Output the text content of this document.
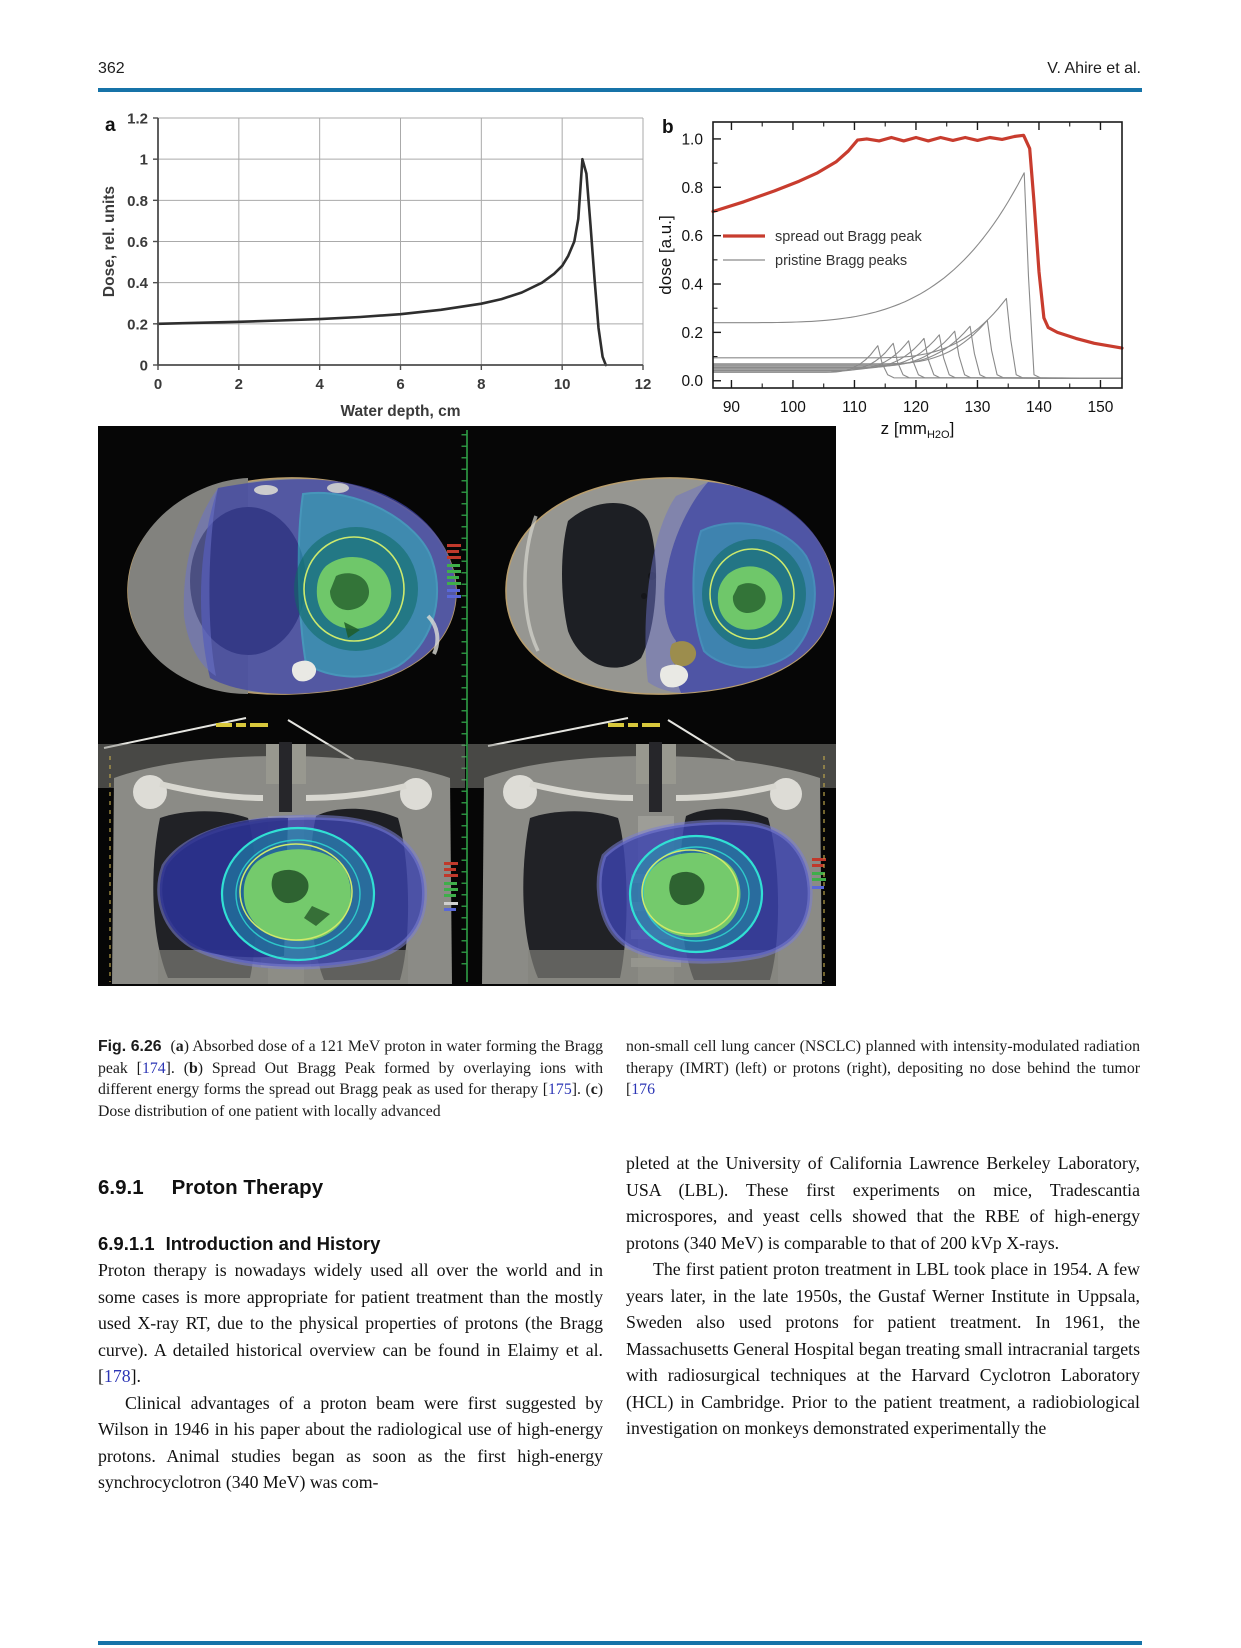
362	V. Ahire et al.
a	b
0	2	4	6	8	10	12
0
0.2
0.4
0.6
0.8
1
1.2
Dose, rel. units
Water depth, cm	90	100 110 120 130 140 150
0.0
0.2
0.4
0.6
0.8
1.0
dose [a.u.]
z $[mm_{H2O}]$
spread out Bragg peak
pristine Bragg peaks
Fig. 6.26 (a) Absorbed dose of a 121 MeV proton in water forming the Bragg peak [174]. (b) Spread Out Bragg Peak formed by overlaying ions with different energy forms the spread out Bragg peak as used for therapy [175]. (c) Dose distribution of one patient with locally advanced
non-small cell lung cancer (NSCLC) planned with intensity-modulated radiation therapy (IMRT) (left) or protons (right), depositing no dose behind the tumor [176
6.9.1 Proton Therapy
6.9.1.1 Introduction and History

Proton therapy is nowadays widely used all over the world and in some cases is more appropriate for patient treatment than the mostly used X-ray RT, due to the physical properties of protons (the Bragg curve). A detailed historical overview can be found in Elaimy et al. [178].

Clinical advantages of a proton beam were first suggested by Wilson in 1946 in his paper about the radiological use of high-energy protons. Animal studies began as soon as the first high-energy synchrocyclotron (340 MeV) was com-

pleted at the University of California Lawrence Berkeley Laboratory, USA (LBL). These first experiments on mice, Tradescantia microspores, and yeast cells showed that the RBE of high-energy protons (340 MeV) is comparable to that of 200 kVp X-rays.

The first patient proton treatment in LBL took place in 1954. A few years later, in the late 1950s, the Gustaf Werner Institute in Uppsala, Sweden also used protons for patient treatment. In 1961, the Massachusetts General Hospital began treating small intracranial targets with radiosurgical techniques at the Harvard Cyclotron Laboratory (HCL) in Cambridge. Prior to the patient treatment, a radiobiological investigation on monkeys demonstrated experimentally the
